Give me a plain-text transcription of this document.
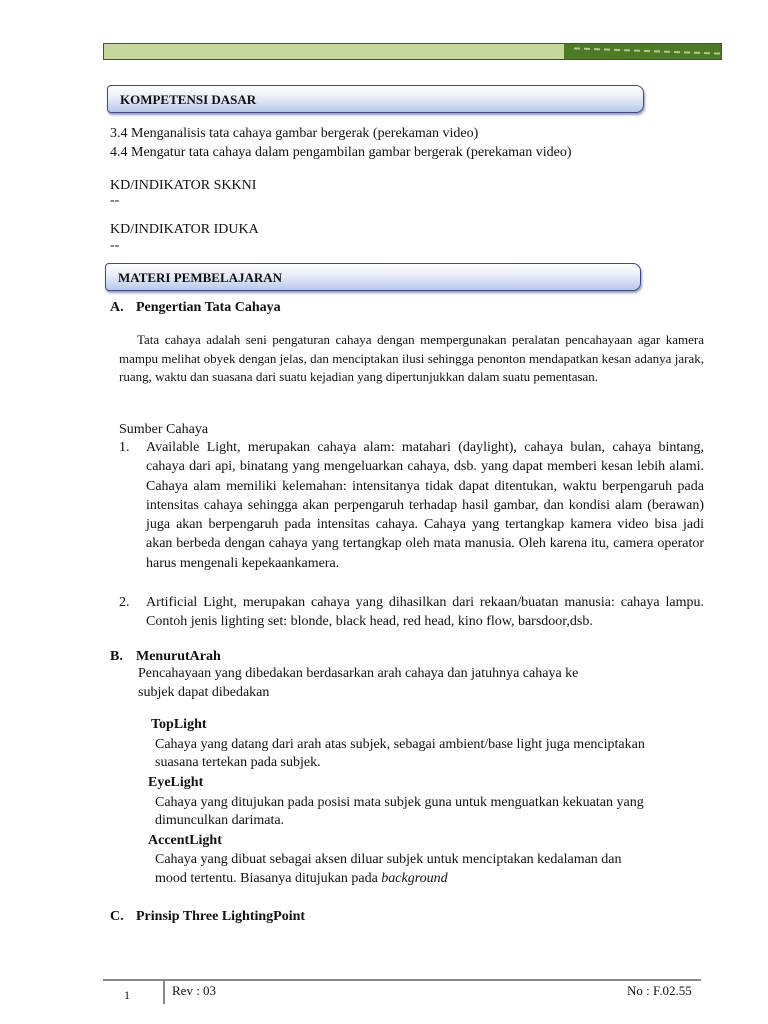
KOMPETENSI DASAR
3.4 Menganalisis tata cahaya gambar bergerak (perekaman video)
4.4 Mengatur tata cahaya dalam pengambilan gambar bergerak (perekaman video)
KD/INDIKATOR SKKNI
--
KD/INDIKATOR IDUKA
--
MATERI PEMBELAJARAN
A. Pengertian Tata Cahaya
Tata cahaya adalah seni pengaturan cahaya dengan mempergunakan peralatan pencahayaan agar kamera mampu melihat obyek dengan jelas, dan menciptakan ilusi sehingga penonton mendapatkan kesan adanya jarak, ruang, waktu dan suasana dari suatu kejadian yang dipertunjukkan dalam suatu pementasan.
Sumber Cahaya
1. Available Light, merupakan cahaya alam: matahari (daylight), cahaya bulan, cahaya bintang, cahaya dari api, binatang yang mengeluarkan cahaya, dsb. yang dapat memberi kesan lebih alami. Cahaya alam memiliki kelemahan: intensitanya tidak dapat ditentukan, waktu berpengaruh pada intensitas cahaya sehingga akan perpengaruh terhadap hasil gambar, dan kondisi alam (berawan) juga akan berpengaruh pada intensitas cahaya. Cahaya yang tertangkap kamera video bisa jadi akan berbeda dengan cahaya yang tertangkap oleh mata manusia. Oleh karena itu, camera operator harus mengenali kepekaankamera.
2. Artificial Light, merupakan cahaya yang dihasilkan dari rekaan/buatan manusia: cahaya lampu. Contoh jenis lighting set: blonde, black head, red head, kino flow, barsdoor,dsb.
B. MenurutArah
Pencahayaan yang dibedakan berdasarkan arah cahaya dan jatuhnya cahaya ke
subjek dapat dibedakan
TopLight
Cahaya yang datang dari arah atas subjek, sebagai ambient/base light juga menciptakan
suasana tertekan pada subjek.
EyeLight
Cahaya yang ditujukan pada posisi mata subjek guna untuk menguatkan kekuatan yang
dimunculkan darimata.
AccentLight
Cahaya yang dibuat sebagai aksen diluar subjek untuk menciptakan kedalaman dan
mood tertentu. Biasanya ditujukan pada background
C. Prinsip Three LightingPoint
1	Rev : 03	No : F.02.55
